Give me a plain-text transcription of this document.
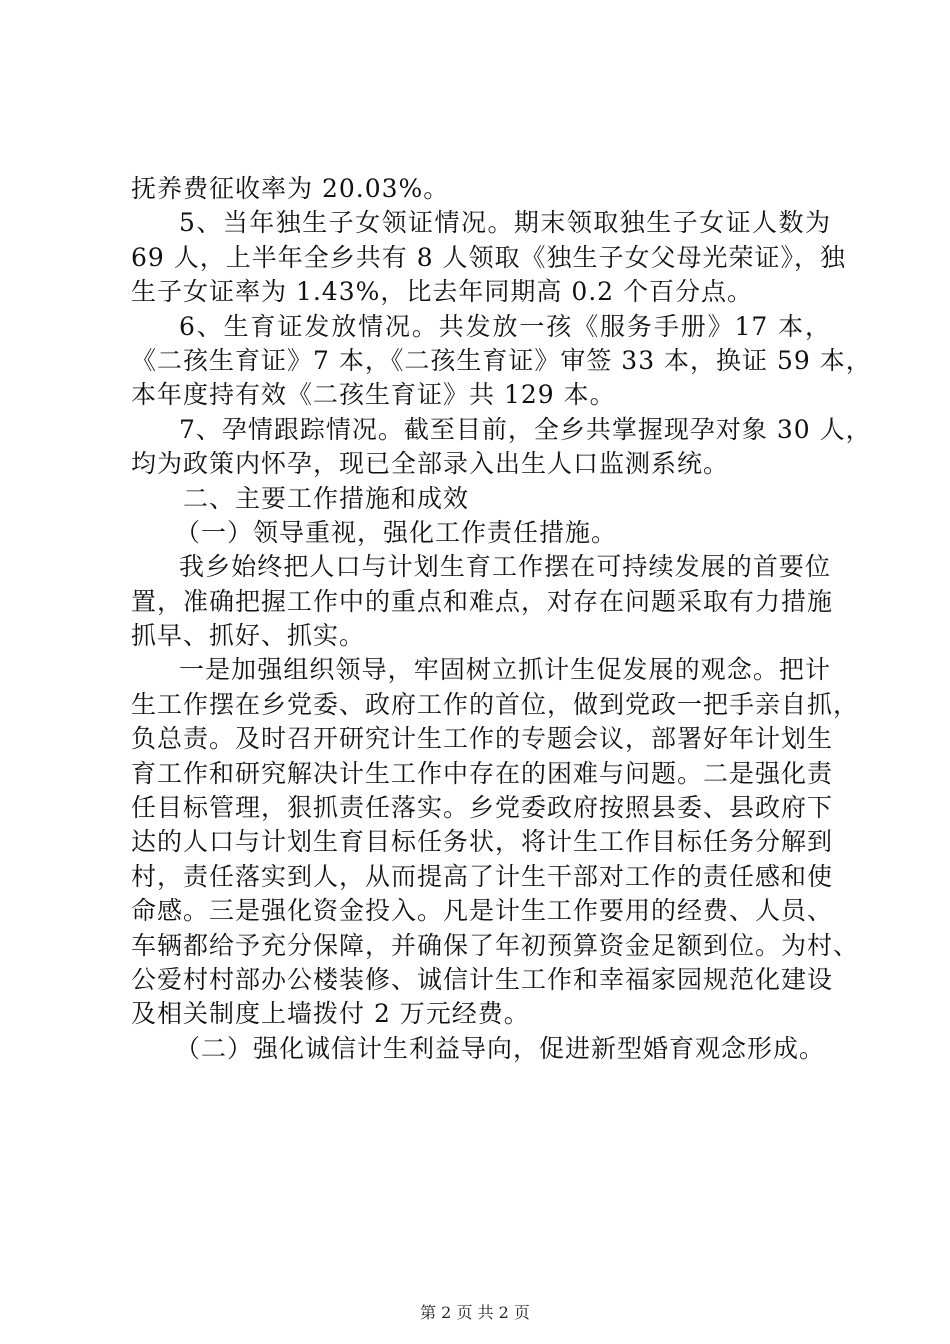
抚养费征收率为 20.03%。
5、当年独生子女领证情况。期末领取独生子女证人数为
69 人，上半年全乡共有 8 人领取《独生子女父母光荣证》，独
生子女证率为 1.43%，比去年同期高 0.2 个百分点。
6、生育证发放情况。共发放一孩《服务手册》17 本，
《二孩生育证》7 本，《二孩生育证》审签 33 本，换证 59 本，
本年度持有效《二孩生育证》共 129 本。
7、孕情跟踪情况。截至目前，全乡共掌握现孕对象 30 人，
均为政策内怀孕，现已全部录入出生人口监测系统。
二、主要工作措施和成效
（一）领导重视，强化工作责任措施。
我乡始终把人口与计划生育工作摆在可持续发展的首要位
置，准确把握工作中的重点和难点，对存在问题采取有力措施
抓早、抓好、抓实。
一是加强组织领导，牢固树立抓计生促发展的观念。把计
生工作摆在乡党委、政府工作的首位，做到党政一把手亲自抓，
负总责。及时召开研究计生工作的专题会议，部署好年计划生
育工作和研究解决计生工作中存在的困难与问题。二是强化责
任目标管理，狠抓责任落实。乡党委政府按照县委、县政府下
达的人口与计划生育目标任务状，将计生工作目标任务分解到
村，责任落实到人，从而提高了计生干部对工作的责任感和使
命感。三是强化资金投入。凡是计生工作要用的经费、人员、
车辆都给予充分保障，并确保了年初预算资金足额到位。为村、
公爱村村部办公楼装修、诚信计生工作和幸福家园规范化建设
及相关制度上墙拨付 2 万元经费。
（二）强化诚信计生利益导向，促进新型婚育观念形成。
第 2 页 共 2 页
